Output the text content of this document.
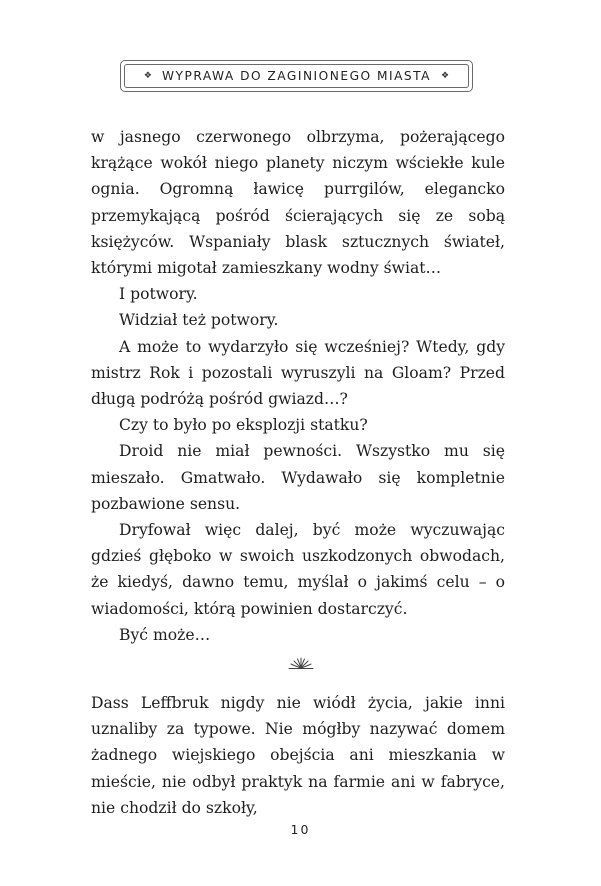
❖ WYPRAWA DO ZAGINIONEGO MIASTA ❖

w jasnego czerwonego olbrzyma, pożerającego krążące wokół niego planety niczym wściekłe kule ognia. Ogromną ławicę purrgilów, elegancko przemykającą pośród ścierających się ze sobą księżyców. Wspaniały blask sztucznych świateł, którymi migotał zamieszkany wodny świat…

I potwory.

Widział też potwory.

A może to wydarzyło się wcześniej? Wtedy, gdy mistrz Rok i pozostali wyruszyli na Gloam? Przed długą podróżą pośród gwiazd…?

Czy to było po eksplozji statku?

Droid nie miał pewności. Wszystko mu się mieszało. Gmatwało. Wydawało się kompletnie pozbawione sensu.

Dryfował więc dalej, być może wyczuwając gdzieś głęboko w swoich uszkodzonych obwodach, że kiedyś, dawno temu, myślał o jakimś celu – o wiadomości, którą powinien dostarczyć.

Być może…

Dass Leffbruk nigdy nie wiódł życia, jakie inni uznaliby za typowe. Nie mógłby nazywać domem żadnego wiejskiego obejścia ani mieszkania w mieście, nie odbył praktyk na farmie ani w fabryce, nie chodził do szkoły,

10
